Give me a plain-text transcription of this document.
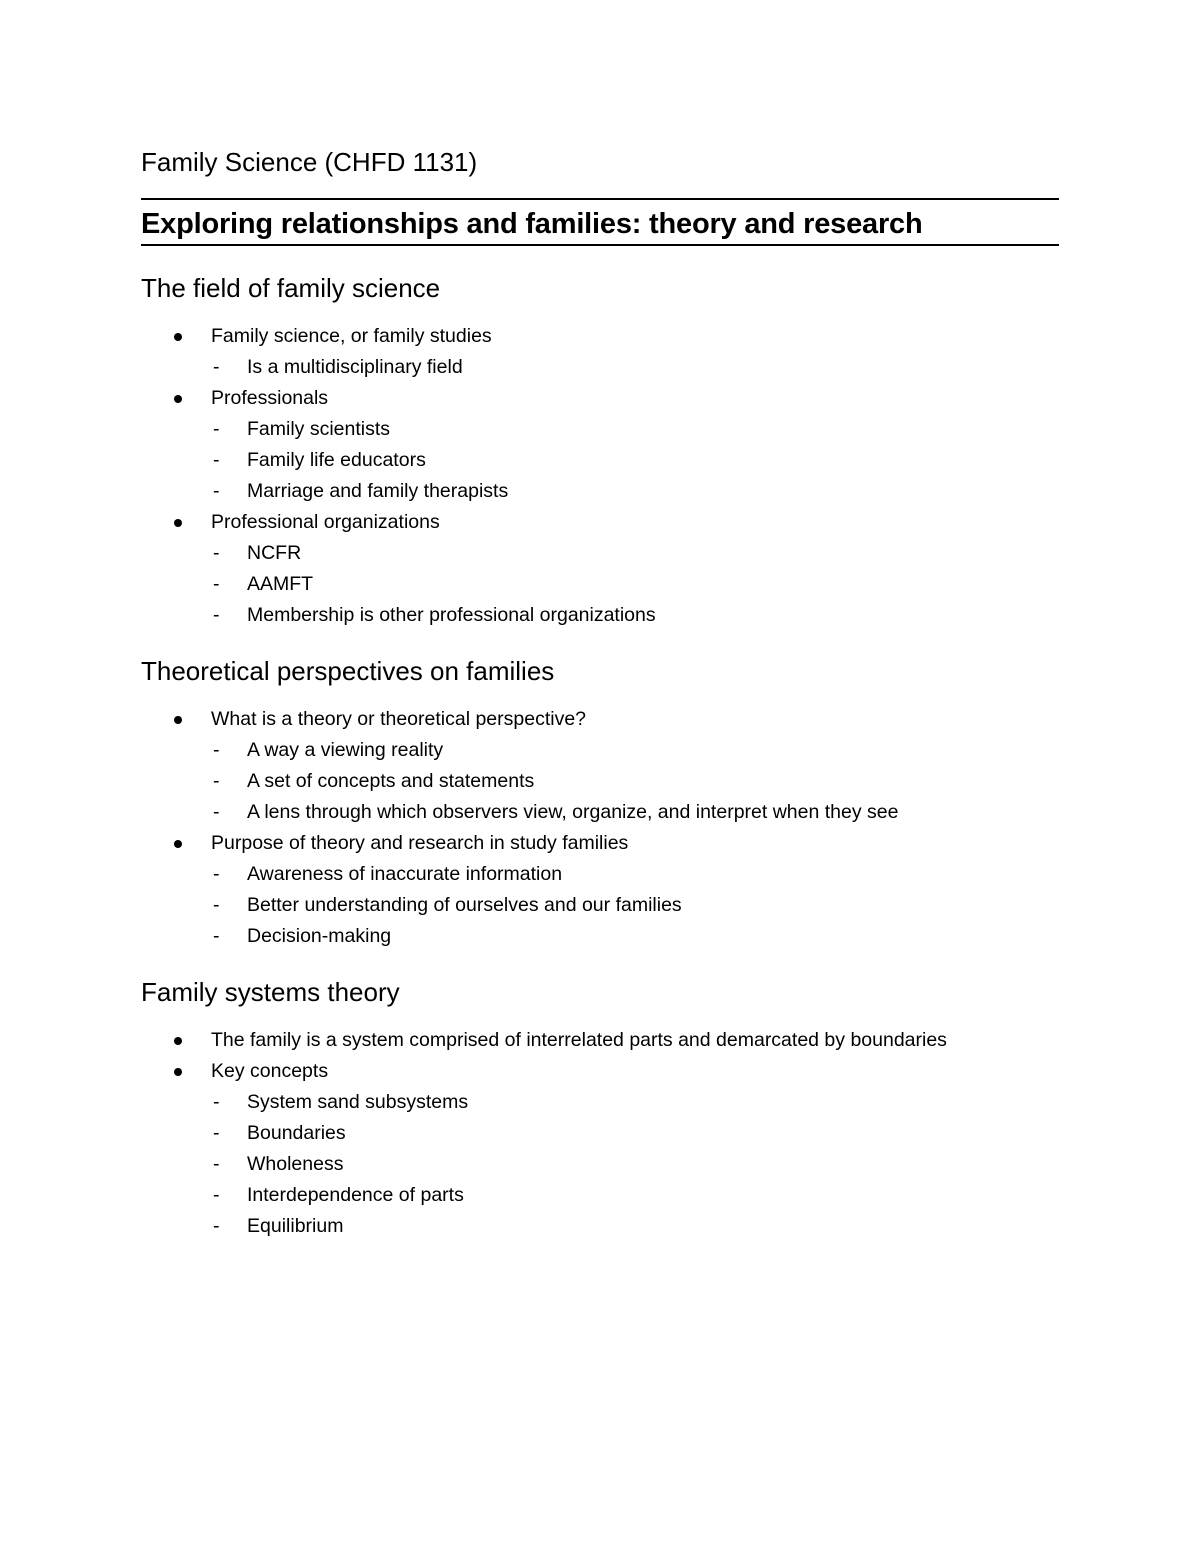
Family Science (CHFD 1131)
Exploring relationships and families: theory and research
The field of family science
Family science, or family studies
- Is a multidisciplinary field
Professionals
- Family scientists
- Family life educators
- Marriage and family therapists
Professional organizations
- NCFR
- AAMFT
- Membership is other professional organizations
Theoretical perspectives on families
What is a theory or theoretical perspective?
- A way a viewing reality
- A set of concepts and statements
- A lens through which observers view, organize, and interpret when they see
Purpose of theory and research in study families
- Awareness of inaccurate information
- Better understanding of ourselves and our families
- Decision-making
Family systems theory
The family is a system comprised of interrelated parts and demarcated by boundaries
Key concepts
- System sand subsystems
- Boundaries
- Wholeness
- Interdependence of parts
- Equilibrium
